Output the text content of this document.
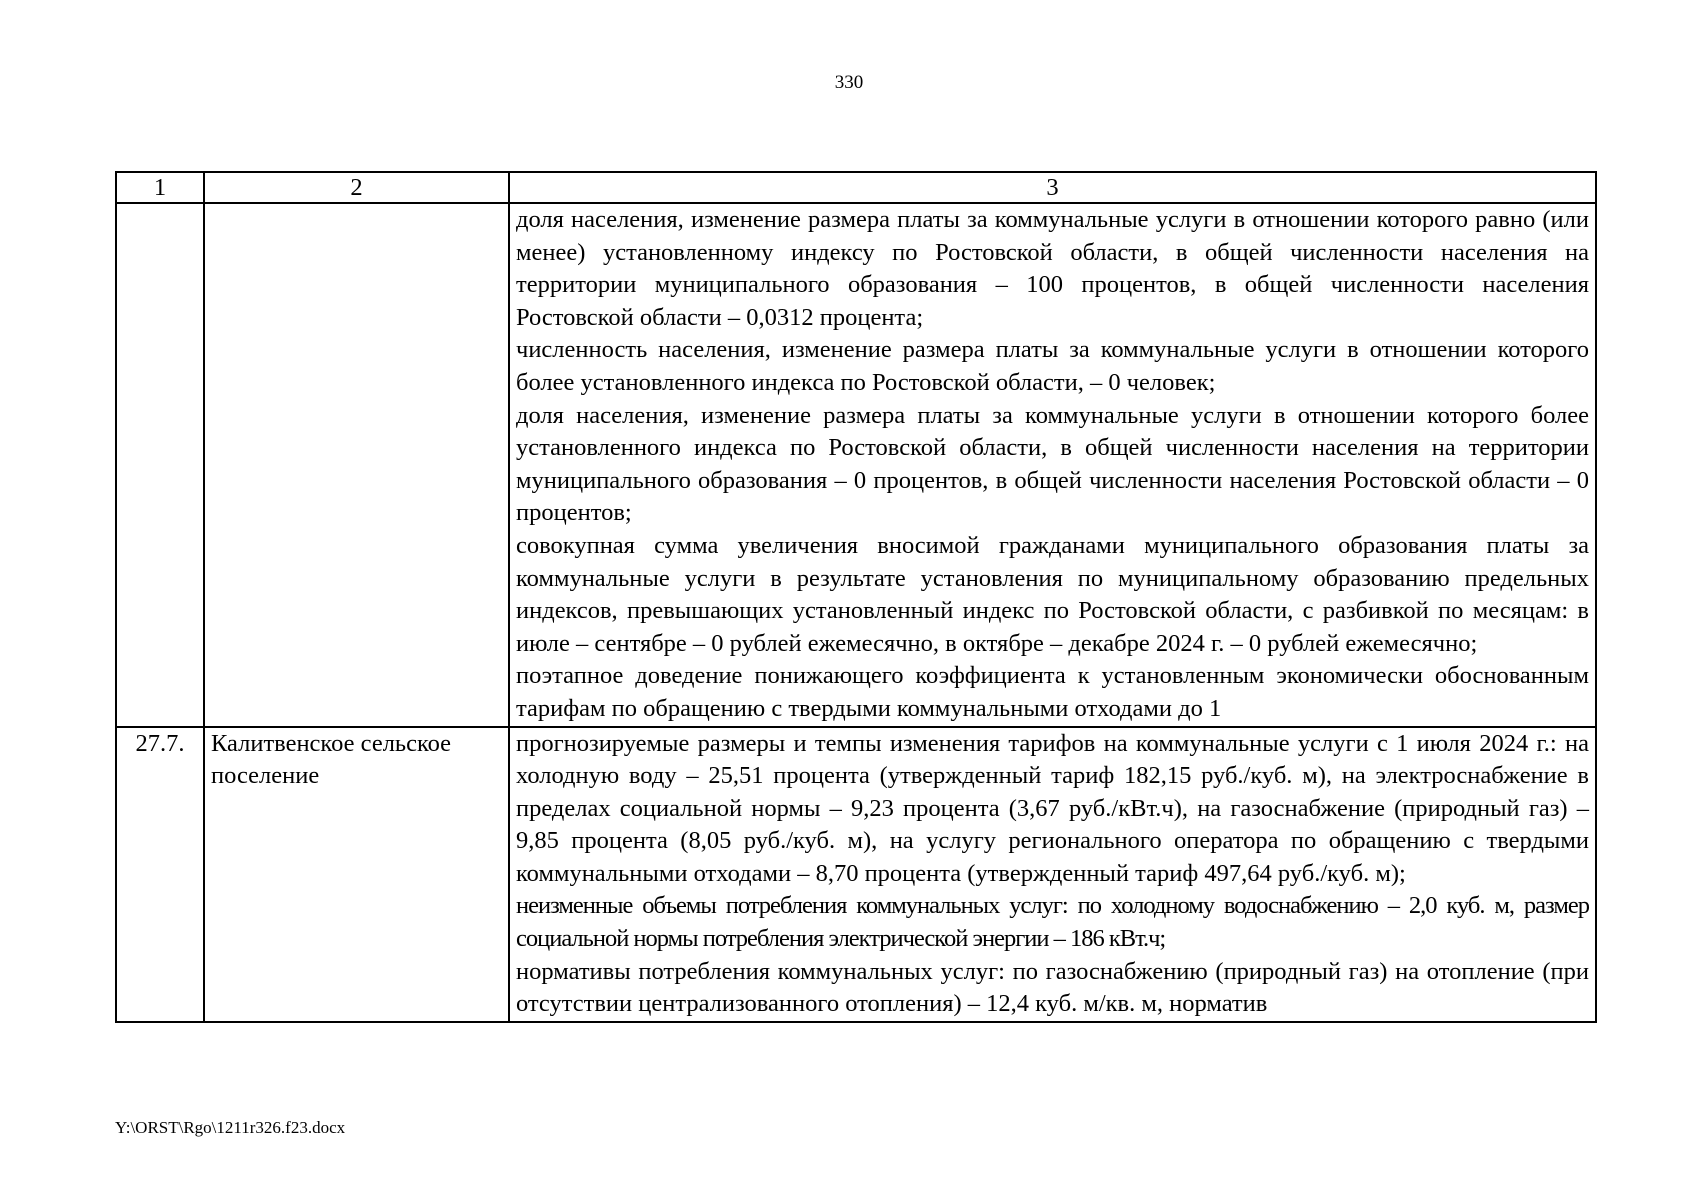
330
1	2	3

		доля населения, изменение размера платы за коммунальные услуги в отношении которого равно (или менее) установленному индексу по Ростовской области, в общей численности населения на территории муниципального образования – 100 процентов, в общей численности населения Ростовской области – 0,0312 процента;
численность населения, изменение размера платы за коммунальные услуги в отношении которого более установленного индекса по Ростовской области, – 0 человек;
доля населения, изменение размера платы за коммунальные услуги в отношении которого более установленного индекса по Ростовской области, в общей численности населения на территории муниципального образования – 0 процентов, в общей численности населения Ростовской области – 0 процентов;
совокупная сумма увеличения вносимой гражданами муниципального образования платы за коммунальные услуги в результате установления по муниципальному образованию предельных индексов, превышающих установленный индекс по Ростовской области, с разбивкой по месяцам: в июле – сентябре – 0 рублей ежемесячно, в октябре – декабре 2024 г. – 0 рублей ежемесячно;
поэтапное доведение понижающего коэффициента к установленным экономически обоснованным тарифам по обращению с твердыми коммунальными отходами до 1

27.7.	Калитвенское сельское поселение	прогнозируемые размеры и темпы изменения тарифов на коммунальные услуги с 1 июля 2024 г.: на холодную воду – 25,51 процента (утвержденный тариф 182,15 руб./куб. м), на электроснабжение в пределах социальной нормы – 9,23 процента (3,67 руб./кВт.ч), на газоснабжение (природный газ) – 9,85 процента (8,05 руб./куб. м), на услугу регионального оператора по обращению с твердыми коммунальными отходами – 8,70 процента (утвержденный тариф 497,64 руб./куб. м);
неизменные объемы потребления коммунальных услуг: по холодному водоснабжению – 2,0 куб. м, размер социальной нормы потребления электрической энергии – 186 кВт.ч;
нормативы потребления коммунальных услуг: по газоснабжению (природный газ) на отопление (при отсутствии централизованного отопления) – 12,4 куб. м/кв. м, норматив
Y:\ORST\Rgo\1211r326.f23.docx
